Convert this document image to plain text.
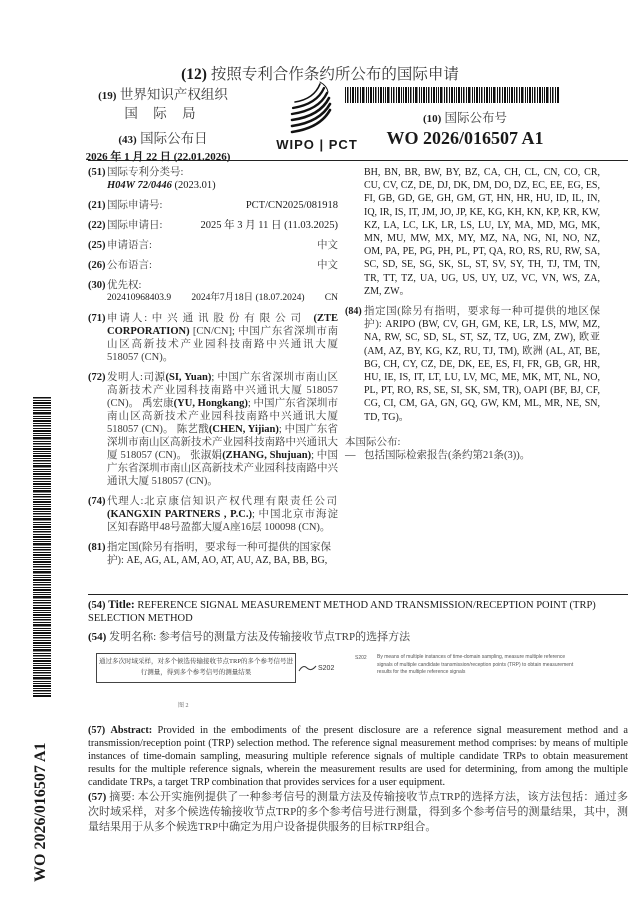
(12) 按照专利合作条约所公布的国际申请
(19) 世界知识产权组织
国 际 局
(43) 国际公布日
2026 年 1 月 22 日 (22.01.2026)
WIPO | PCT
(10) 国际公布号
WO 2026/016507 A1
(51) 国际专利分类号:
H04W 72/0446 (2023.01)
(21) 国际申请号:	PCT/CN2025/081918
(22) 国际申请日:	2025 年 3 月 11 日 (11.03.2025)
(25) 申请语言:	中文
(26) 公布语言:	中文
(30) 优先权:
202410968403.9 2024年7月18日 (18.07.2024) CN
(71) 申请人: 中兴通讯股份有限公司 (ZTE CORPORATION) [CN/CN]; 中国广东省深圳市南山区高新技术产业园科技南路中兴通讯大厦 518057 (CN)。
(72) 发明人:司源(SI, Yuan); 中国广东省深圳市南山区高新技术产业园科技南路中兴通讯大厦 518057 (CN)。 禹宏康(YU, Hongkang); 中国广东省深圳市南山区高新技术产业园科技南路中兴通讯大厦 518057 (CN)。 陈艺戬(CHEN, Yijian); 中国广东省深圳市南山区高新技术产业园科技南路中兴通讯大厦 518057 (CN)。 张淑娟(ZHANG, Shujuan); 中国广东省深圳市南山区高新技术产业园科技南路中兴通讯大厦 518057 (CN)。
(74) 代理人:北京康信知识产权代理有限责任公司 (KANGXIN PARTNERS , P.C.); 中国北京市海淀区知春路甲48号盈都大厦A座16层 100098 (CN)。
(81) 指定国(除另有指明，要求每一种可提供的国家保护): AE, AG, AL, AM, AO, AT, AU, AZ, BA, BB, BG,
BH, BN, BR, BW, BY, BZ, CA, CH, CL, CN, CO, CR, CU, CV, CZ, DE, DJ, DK, DM, DO, DZ, EC, EE, EG, ES, FI, GB, GD, GE, GH, GM, GT, HN, HR, HU, ID, IL, IN, IQ, IR, IS, IT, JM, JO, JP, KE, KG, KH, KN, KP, KR, KW, KZ, LA, LC, LK, LR, LS, LU, LY, MA, MD, MG, MK, MN, MU, MW, MX, MY, MZ, NA, NG, NI, NO, NZ, OM, PA, PE, PG, PH, PL, PT, QA, RO, RS, RU, RW, SA, SC, SD, SE, SG, SK, SL, ST, SV, SY, TH, TJ, TM, TN, TR, TT, TZ, UA, UG, US, UY, UZ, VC, VN, WS, ZA, ZM, ZW。
(84) 指定国(除另有指明，要求每一种可提供的地区保护): ARIPO (BW, CV, GH, GM, KE, LR, LS, MW, MZ, NA, RW, SC, SD, SL, ST, SZ, TZ, UG, ZM, ZW), 欧亚 (AM, AZ, BY, KG, KZ, RU, TJ, TM), 欧洲 (AL, AT, BE, BG, CH, CY, CZ, DE, DK, EE, ES, FI, FR, GB, GR, HR, HU, IE, IS, IT, LT, LU, LV, MC, ME, MK, MT, NL, NO, PL, PT, RO, RS, SE, SI, SK, SM, TR), OAPI (BF, BJ, CF, CG, CI, CM, GA, GN, GQ, GW, KM, ML, MR, NE, SN, TD, TG)。
本国际公布:
— 包括国际检索报告(条约第21条(3))。
(54) Title: REFERENCE SIGNAL MEASUREMENT METHOD AND TRANSMISSION/RECEPTION POINT (TRP) SELECTION METHOD
(54) 发明名称: 参考信号的测量方法及传输接收节点TRP的选择方法
通过多次时域采样，对多个候选传输接收节点TRP的多个参考信号进行测量，得到多个参考信号的测量结果
S202
图 2
S202 By means of multiple instances of time-domain sampling, measure multiple reference signals of multiple candidate transmission/reception points (TRP) to obtain measurement results for the multiple reference signals
(57) Abstract: Provided in the embodiments of the present disclosure are a reference signal measurement method and a transmission/reception point (TRP) selection method. The reference signal measurement method comprises: by means of multiple instances of time-domain sampling, measuring multiple reference signals of multiple candidate TRPs to obtain measurement results for the multiple reference signals, wherein the measurement results are used for determining, from among the multiple candidate TRPs, a target TRP combination that provides services for a user equipment.
(57) 摘要: 本公开实施例提供了一种参考信号的测量方法及传输接收节点TRP的选择方法，该方法包括：通过多次时域采样，对多个候选传输接收节点TRP的多个参考信号进行测量，得到多个参考信号的测量结果，其中，测量结果用于从多个候选TRP中确定为用户设备提供服务的目标TRP组合。
WO 2026/016507 A1
